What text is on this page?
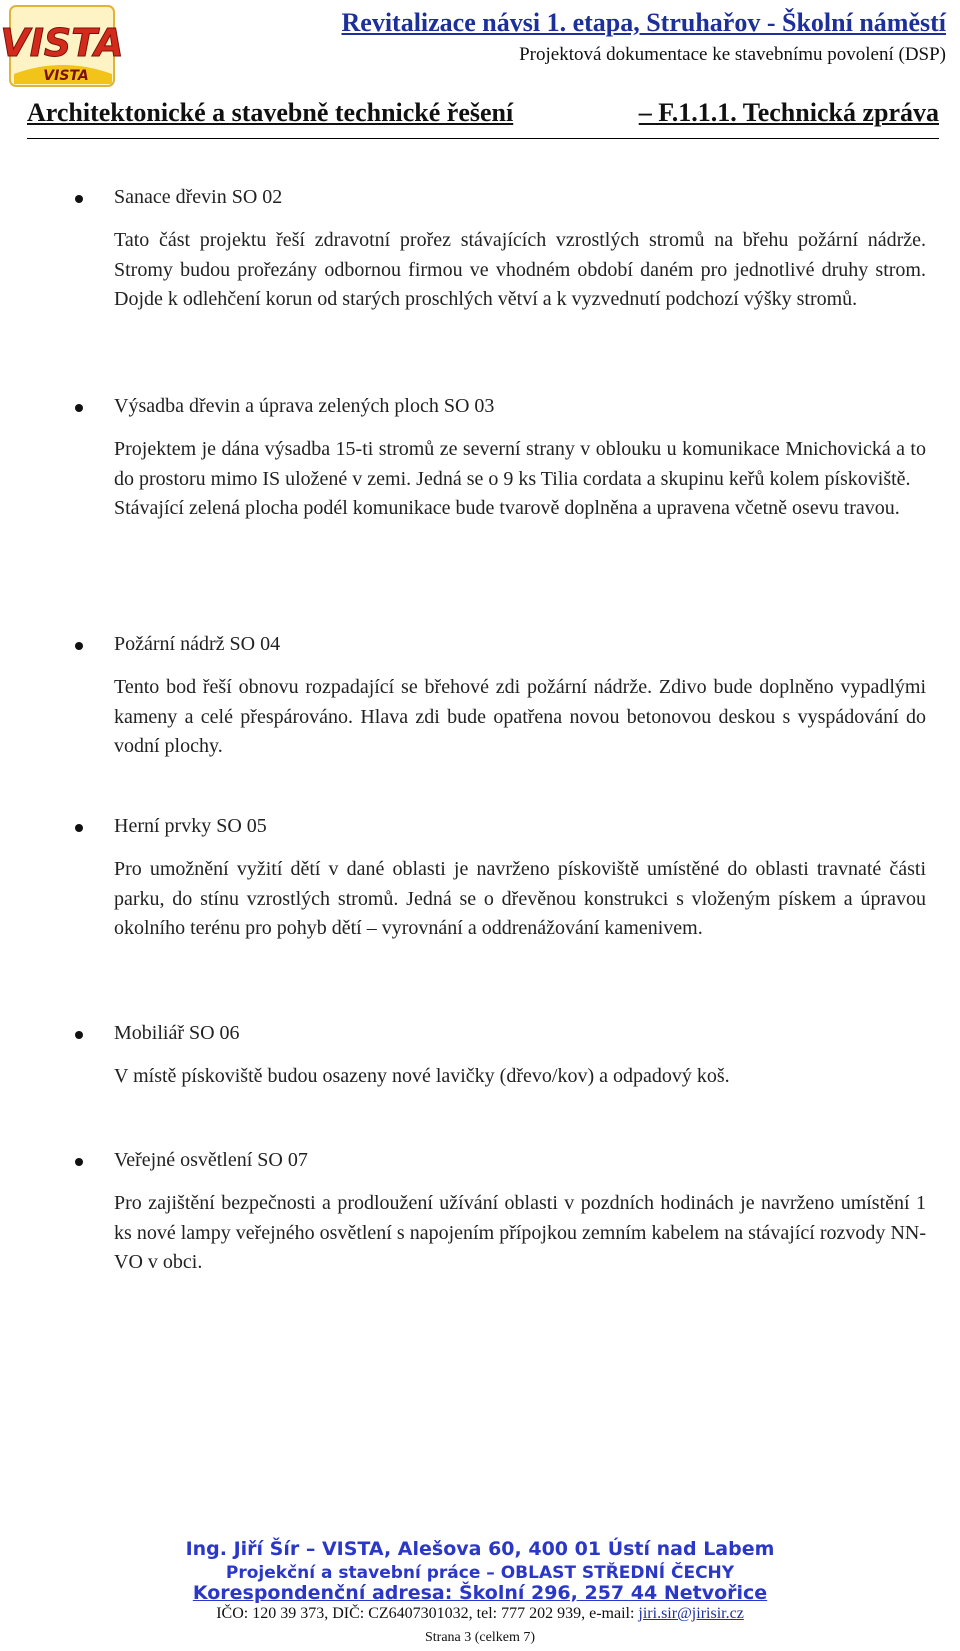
VISTA
VISTA
Revitalizace návsi 1. etapa, Struhařov - Školní náměstí
Projektová dokumentace ke stavebnímu povolení (DSP)
Architektonické a stavebně technické řešení	– F.1.1.1. Technická zpráva
Sanace dřevin SO 02

Tato část projektu řeší zdravotní prořez stávajících vzrostlých stromů na břehu požární nádrže. Stromy budou prořezány odbornou firmou ve vhodném období daném pro jednotlivé druhy strom. Dojde k odlehčení korun od starých proschlých větví a k vyzvednutí podchozí výšky stromů.

Výsadba dřevin a úprava zelených ploch SO 03

Projektem je dána výsadba 15-ti stromů ze severní strany v oblouku u komunikace Mnichovická a to do prostoru mimo IS uložené v zemi. Jedná se o 9 ks Tilia cordata a skupinu keřů kolem pískoviště.

Stávající zelená plocha podél komunikace bude tvarově doplněna a upravena včetně osevu travou.

Požární nádrž SO 04

Tento bod řeší obnovu rozpadající se břehové zdi požární nádrže. Zdivo bude doplněno vypadlými kameny a celé přespárováno. Hlava zdi bude opatřena novou betonovou deskou s vyspádování do vodní plochy.

Herní prvky SO 05

Pro umožnění vyžití dětí v dané oblasti je navrženo pískoviště umístěné do oblasti travnaté části parku, do stínu vzrostlých stromů. Jedná se o dřevěnou konstrukci s vloženým pískem a úpravou okolního terénu pro pohyb dětí – vyrovnání a oddrenážování kamenivem.

Mobiliář SO 06

V místě pískoviště budou osazeny nové lavičky (dřevo/kov) a odpadový koš.

Veřejné osvětlení SO 07

Pro zajištění bezpečnosti a prodloužení užívání oblasti v pozdních hodinách je navrženo umístění 1 ks nové lampy veřejného osvětlení s napojením přípojkou zemním kabelem na stávající rozvody NN-VO v obci.

Ing. Jiří Šír – VISTA, Alešova 60, 400 01 Ústí nad Labem
Projekční a stavební práce – OBLAST STŘEDNÍ ČECHY
Korespondenční adresa: Školní 296, 257 44 Netvořice
IČO: 120 39 373, DIČ: CZ6407301032, tel: 777 202 939, e-mail: jiri.sir@jirisir.cz
Strana 3 (celkem 7)
